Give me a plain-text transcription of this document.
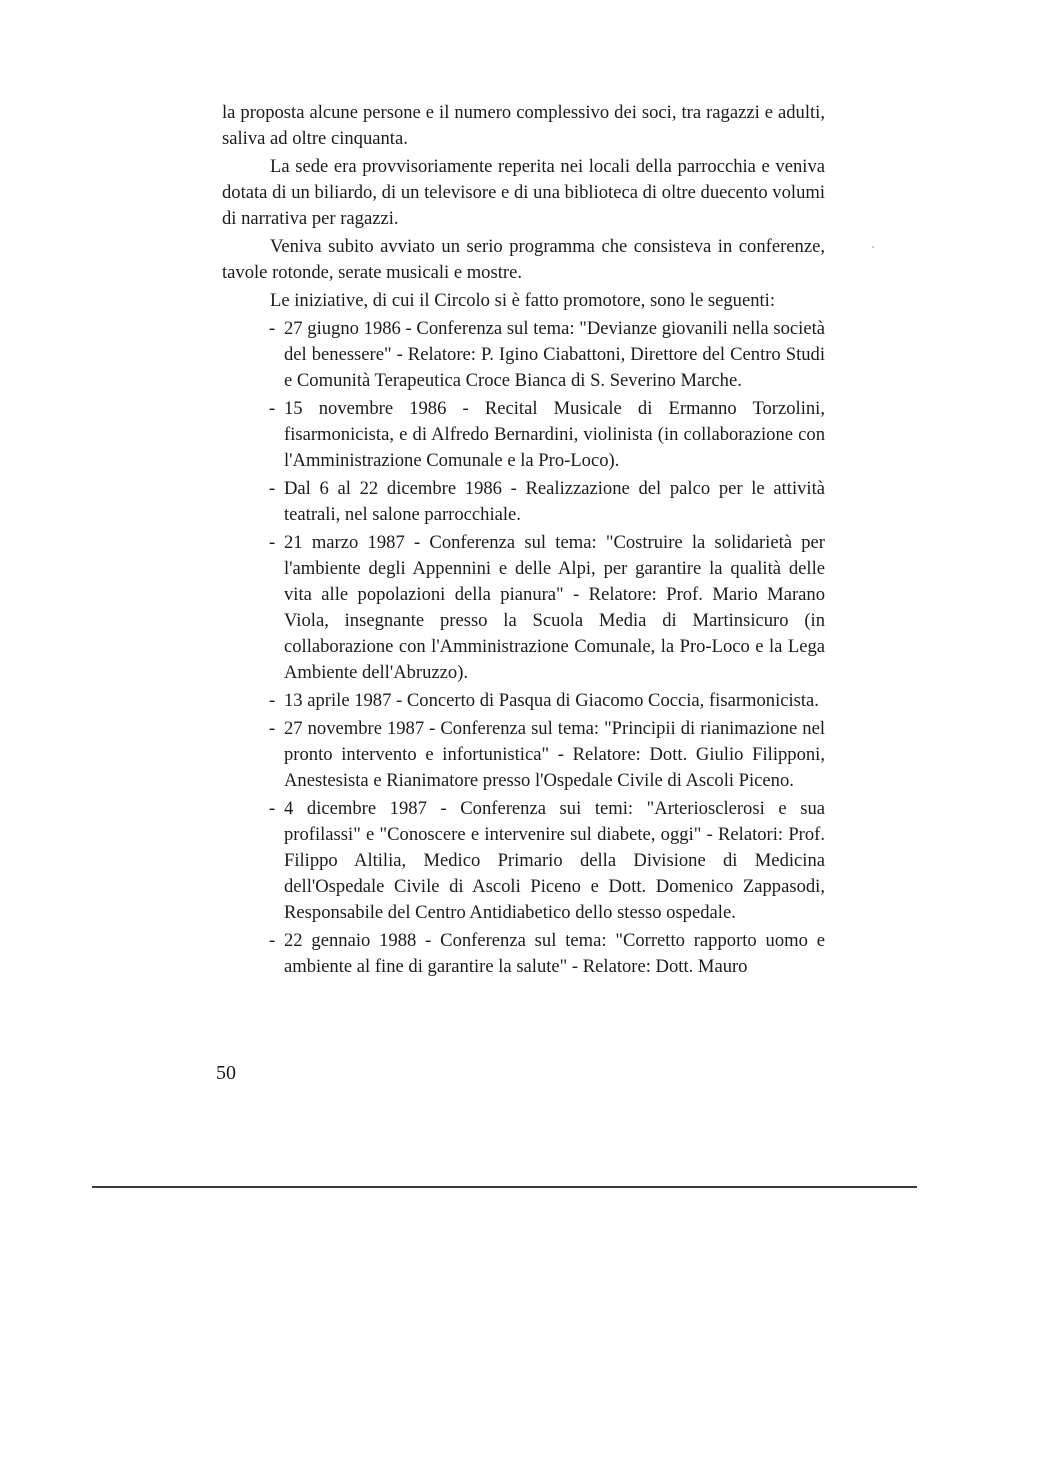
la proposta alcune persone e il numero complessivo dei soci, tra ragazzi e adulti, saliva ad oltre cinquanta.

La sede era provvisoriamente reperita nei locali della parrocchia e veniva dotata di un biliardo, di un televisore e di una biblioteca di oltre duecento volumi di narrativa per ragazzi.

Veniva subito avviato un serio programma che consisteva in conferenze, tavole rotonde, serate musicali e mostre.

Le iniziative, di cui il Circolo si è fatto promotore, sono le seguenti:

- 27 giugno 1986 - Conferenza sul tema: "Devianze giovanili nella società del benessere" - Relatore: P. Igino Ciabattoni, Direttore del Centro Studi e Comunità Terapeutica Croce Bianca di S. Severino Marche.
- 15 novembre 1986 - Recital Musicale di Ermanno Torzolini, fisarmonicista, e di Alfredo Bernardini, violinista (in collaborazione con l'Amministrazione Comunale e la Pro-Loco).
- Dal 6 al 22 dicembre 1986 - Realizzazione del palco per le attività teatrali, nel salone parrocchiale.
- 21 marzo 1987 - Conferenza sul tema: "Costruire la solidarietà per l'ambiente degli Appennini e delle Alpi, per garantire la qualità delle vita alle popolazioni della pianura" - Relatore: Prof. Mario Marano Viola, insegnante presso la Scuola Media di Martinsicuro (in collaborazione con l'Amministrazione Comunale, la Pro-Loco e la Lega Ambiente dell'Abruzzo).
- 13 aprile 1987 - Concerto di Pasqua di Giacomo Coccia, fisarmonicista.
- 27 novembre 1987 - Conferenza sul tema: "Principii di rianimazione nel pronto intervento e infortunistica" - Relatore: Dott. Giulio Filipponi, Anestesista e Rianimatore presso l'Ospedale Civile di Ascoli Piceno.
- 4 dicembre 1987 - Conferenza sui temi: "Arteriosclerosi e sua profilassi" e "Conoscere e intervenire sul diabete, oggi" - Relatori: Prof. Filippo Altilia, Medico Primario della Divisione di Medicina dell'Ospedale Civile di Ascoli Piceno e Dott. Domenico Zappasodi, Responsabile del Centro Antidiabetico dello stesso ospedale.
- 22 gennaio 1988 - Conferenza sul tema: "Corretto rapporto uomo e ambiente al fine di garantire la salute" - Relatore: Dott. Mauro
50
